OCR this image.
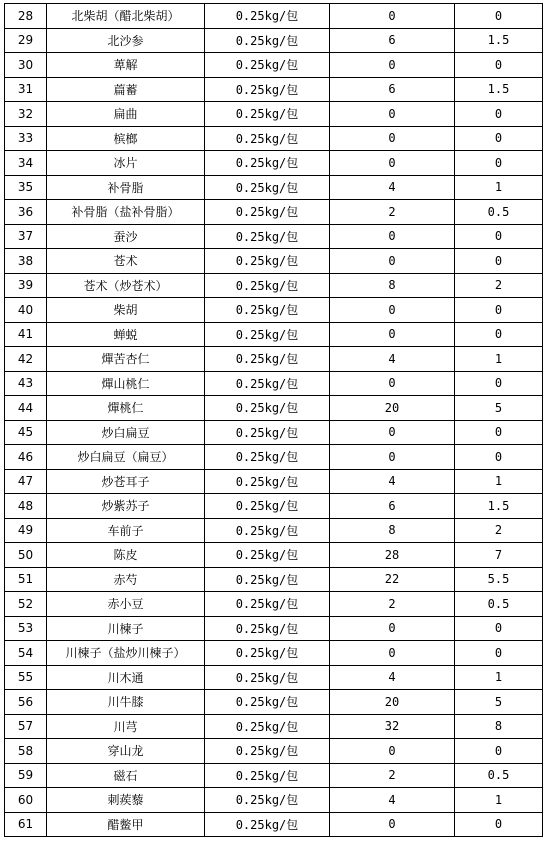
28	北柴胡（醋北柴胡）	0.25kg/包	0	0
29	北沙参	0.25kg/包	6	1.5
30	萆解	0.25kg/包	0	0
31	萹蓄	0.25kg/包	6	1.5
32	扁曲	0.25kg/包	0	0
33	槟榔	0.25kg/包	0	0
34	冰片	0.25kg/包	0	0
35	补骨脂	0.25kg/包	4	1
36	补骨脂（盐补骨脂）	0.25kg/包	2	0.5
37	蚕沙	0.25kg/包	0	0
38	苍术	0.25kg/包	0	0
39	苍术（炒苍术）	0.25kg/包	8	2
40	柴胡	0.25kg/包	0	0
41	蝉蜕	0.25kg/包	0	0
42	燀苦杏仁	0.25kg/包	4	1
43	燀山桃仁	0.25kg/包	0	0
44	燀桃仁	0.25kg/包	20	5
45	炒白扁豆	0.25kg/包	0	0
46	炒白扁豆（扁豆）	0.25kg/包	0	0
47	炒苍耳子	0.25kg/包	4	1
48	炒紫苏子	0.25kg/包	6	1.5
49	车前子	0.25kg/包	8	2
50	陈皮	0.25kg/包	28	7
51	赤芍	0.25kg/包	22	5.5
52	赤小豆	0.25kg/包	2	0.5
53	川楝子	0.25kg/包	0	0
54	川楝子（盐炒川楝子）	0.25kg/包	0	0
55	川木通	0.25kg/包	4	1
56	川牛膝	0.25kg/包	20	5
57	川芎	0.25kg/包	32	8
58	穿山龙	0.25kg/包	0	0
59	磁石	0.25kg/包	2	0.5
60	刺蒺藜	0.25kg/包	4	1
61	醋鳖甲	0.25kg/包	0	0
